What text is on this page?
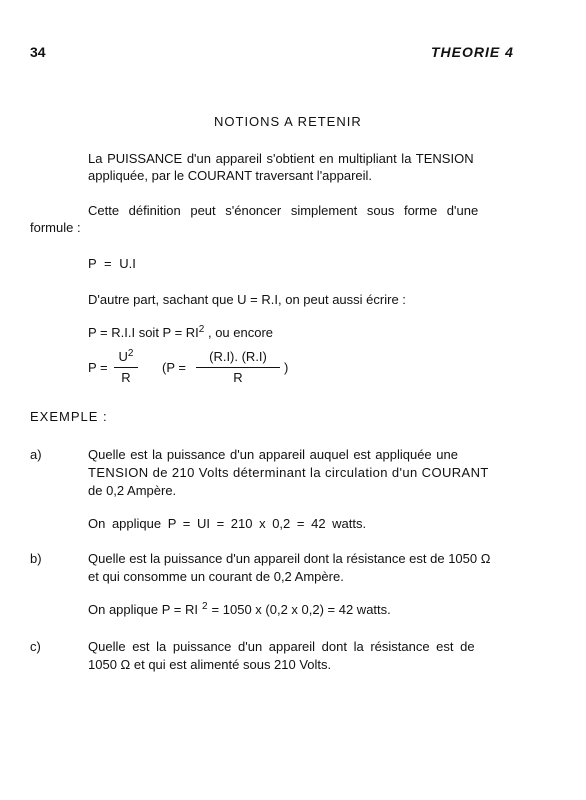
34	THEORIE 4
NOTIONS A RETENIR
La PUISSANCE d'un appareil s'obtient en multipliant la TENSION
appliquée, par le COURANT traversant l'appareil.
Cette définition peut s'énoncer simplement sous forme d'une
formule :
P = U.I
D'autre part, sachant que U = R.I, on peut aussi écrire :
P = R.I.I soit $P = RI^2$ , ou encore
P =
$U^2$
R
(P =
(R.I). (R.I)
R
)
EXEMPLE :
a)	Quelle est la puissance d'un appareil auquel est appliquée une
TENSION de 210 Volts déterminant la circulation d'un COURANT
de 0,2 Ampère.
On applique P = UI = 210 x 0,2 = 42 watts.
b)	Quelle est la puissance d'un appareil dont la résistance est de 1050 Ω
et qui consomme un courant de 0,2 Ampère.
On applique P = RI $^2$ = 1050 x (0,2 x 0,2) = 42 watts.
c)	Quelle est la puissance d'un appareil dont la résistance est de
1050 Ω et qui est alimenté sous 210 Volts.
